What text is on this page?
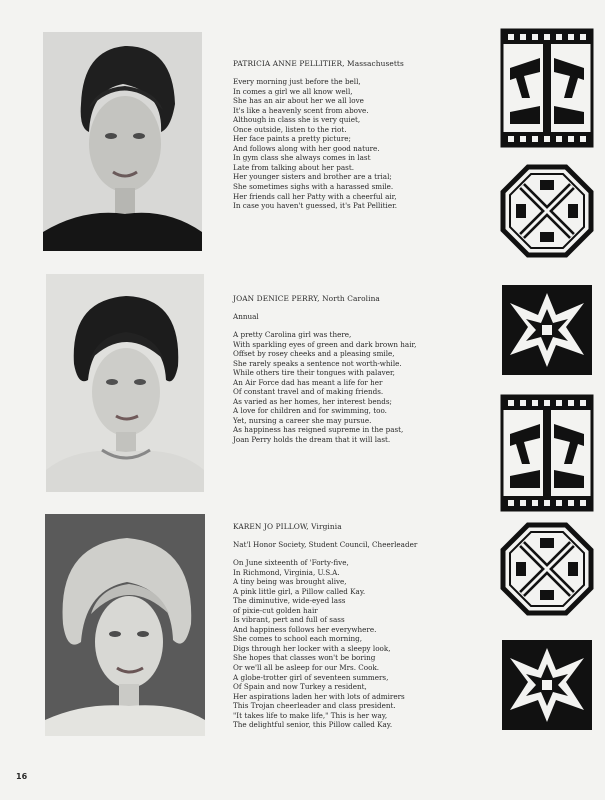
PATRICIA ANNE PELLITIER, Massachusetts

Every morning just before the bell,
In comes a girl we all know well,
She has an air about her we all love
It's like a heavenly scent from above.
Although in class she is very quiet,
Once outside, listen to the riot.
Her face paints a pretty picture;
And follows along with her good nature.
In gym class she always comes in last
Late from talking about her past.
Her younger sisters and brother are a trial;
She sometimes sighs with a harassed smile.
Her friends call her Patty with a cheerful air,
In case you haven't guessed, it's Pat Pellitier.

JOAN DENICE PERRY, North Carolina

Annual

A pretty Carolina girl was there,
With sparkling eyes of green and dark brown hair,
Offset by rosey cheeks and a pleasing smile,
She rarely speaks a sentence not worth-while.
While others tire their tongues with palaver,
An Air Force dad has meant a life for her
Of constant travel and of making friends.
As varied as her homes, her interest bends;
A love for children and for swimming, too.
Yet, nursing a career she may pursue.
As happiness has reigned supreme in the past,
Joan Perry holds the dream that it will last.

KAREN JO PILLOW, Virginia

Nat'l Honor Society, Student Council, Cheerleader

On June sixteenth of 'Forty-five,
In Richmond, Virginia, U.S.A.
A tiny being was brought alive,
A pink little girl, a Pillow called Kay.
The diminutive, wide-eyed lass
of pixie-cut golden hair
Is vibrant, pert and full of sass
And happiness follows her everywhere.
She comes to school each morning,
Digs through her locker with a sleepy look,
She hopes that classes won't be boring
Or we'll all be asleep for our Mrs. Cook.
A globe-trotter girl of seventeen summers,
Of Spain and now Turkey a resident,
Her aspirations laden her with lots of admirers
This Trojan cheerleader and class president.
"It takes life to make life," This is her way,
The delightful senior, this Pillow called Kay.
16
